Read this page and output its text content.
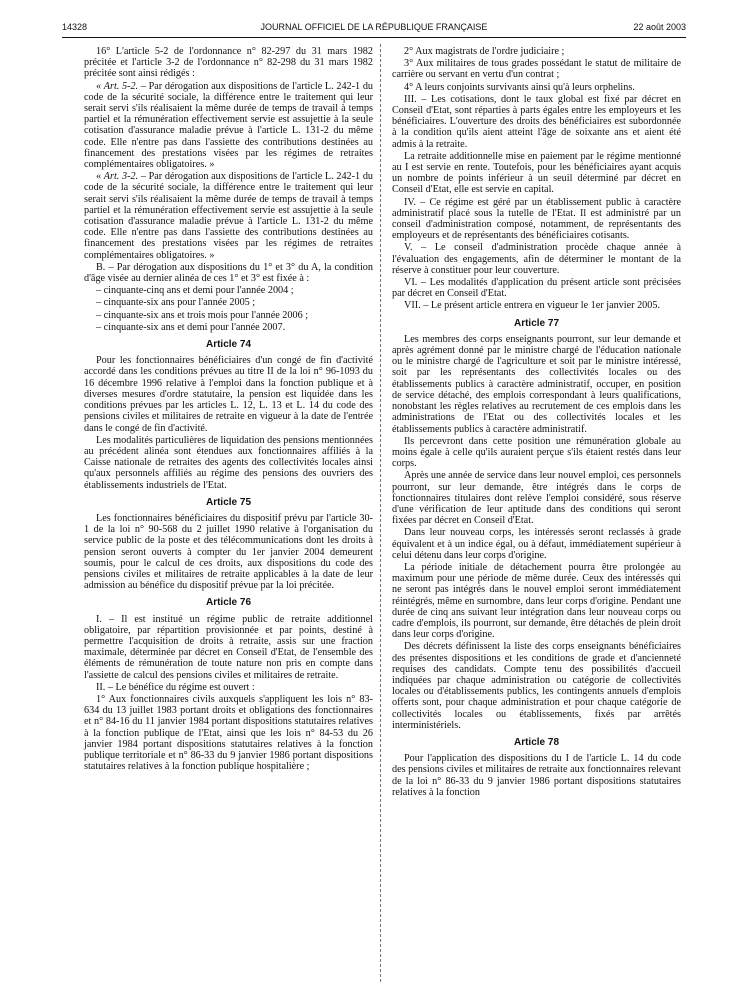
14328	JOURNAL OFFICIEL DE LA RÉPUBLIQUE FRANÇAISE	22 août 2003

16° L'article 5-2 de l'ordonnance n° 82-297 du 31 mars 1982 précitée et l'article 3-2 de l'ordonnance n° 82-298 du 31 mars 1982 précitée sont ainsi rédigés :

« Art. 5-2. – Par dérogation aux dispositions de l'article L. 242-1 du code de la sécurité sociale, la différence entre le traitement qui leur serait servi s'ils réalisaient la même durée de temps de travail à temps partiel et la rémunération effectivement servie est assujettie à la seule cotisation d'assurance maladie prévue à l'article L. 131-2 du même code. Elle n'entre pas dans l'assiette des contributions destinées au financement des prestations visées par les régimes de retraites complémentaires obligatoires. »

« Art. 3-2. – Par dérogation aux dispositions de l'article L. 242-1 du code de la sécurité sociale, la différence entre le traitement qui leur serait servi s'ils réalisaient la même durée de temps de travail à temps partiel et la rémunération effectivement servie est assujettie à la seule cotisation d'assurance maladie prévue à l'article L. 131-2 du même code. Elle n'entre pas dans l'assiette des contributions destinées au financement des prestations visées par les régimes de retraites complémentaires obligatoires. »

B. – Par dérogation aux dispositions du 1° et 3° du A, la condition d'âge visée au dernier alinéa de ces 1° et 3° est fixée à :

– cinquante-cinq ans et demi pour l'année 2004 ;

– cinquante-six ans pour l'année 2005 ;

– cinquante-six ans et trois mois pour l'année 2006 ;

– cinquante-six ans et demi pour l'année 2007.

Article 74

Pour les fonctionnaires bénéficiaires d'un congé de fin d'activité accordé dans les conditions prévues au titre II de la loi n° 96-1093 du 16 décembre 1996 relative à l'emploi dans la fonction publique et à diverses mesures d'ordre statutaire, la pension est liquidée dans les conditions prévues par les articles L. 12, L. 13 et L. 14 du code des pensions civiles et militaires de retraite en vigueur à la date de l'entrée dans le congé de fin d'activité.

Les modalités particulières de liquidation des pensions mentionnées au précédent alinéa sont étendues aux fonctionnaires affiliés à la Caisse nationale de retraites des agents des collectivités locales ainsi qu'aux personnels affiliés au régime des pensions des ouvriers des établissements industriels de l'Etat.

Article 75

Les fonctionnaires bénéficiaires du dispositif prévu par l'article 30-1 de la loi n° 90-568 du 2 juillet 1990 relative à l'organisation du service public de la poste et des télécommunications dont les droits à pension seront ouverts à compter du 1er janvier 2004 demeurent soumis, pour le calcul de ces droits, aux dispositions du code des pensions civiles et militaires de retraite applicables à la date de leur admission au bénéfice du dispositif prévue par la loi précitée.

Article 76

I. – Il est institué un régime public de retraite additionnel obligatoire, par répartition provisionnée et par points, destiné à permettre l'acquisition de droits à retraite, assis sur une fraction maximale, déterminée par décret en Conseil d'Etat, de l'ensemble des éléments de rémunération de toute nature non pris en compte dans l'assiette de calcul des pensions civiles et militaires de retraite.

II. – Le bénéfice du régime est ouvert :

1° Aux fonctionnaires civils auxquels s'appliquent les lois n° 83-634 du 13 juillet 1983 portant droits et obligations des fonctionnaires et n° 84-16 du 11 janvier 1984 portant dispositions statutaires relatives à la fonction publique de l'Etat, ainsi que les lois n° 84-53 du 26 janvier 1984 portant dispositions statutaires relatives à la fonction publique territoriale et n° 86-33 du 9 janvier 1986 portant dispositions statutaires relatives à la fonction publique hospitalière ;

2° Aux magistrats de l'ordre judiciaire ;

3° Aux militaires de tous grades possédant le statut de militaire de carrière ou servant en vertu d'un contrat ;

4° A leurs conjoints survivants ainsi qu'à leurs orphelins.

III. – Les cotisations, dont le taux global est fixé par décret en Conseil d'Etat, sont réparties à parts égales entre les employeurs et les bénéficiaires. L'ouverture des droits des bénéficiaires est subordonnée à la condition qu'ils aient atteint l'âge de soixante ans et aient été admis à la retraite.

La retraite additionnelle mise en paiement par le régime mentionné au I est servie en rente. Toutefois, pour les bénéficiaires ayant acquis un nombre de points inférieur à un seuil déterminé par décret en Conseil d'Etat, elle est servie en capital.

IV. – Ce régime est géré par un établissement public à caractère administratif placé sous la tutelle de l'Etat. Il est administré par un conseil d'administration composé, notamment, de représentants des employeurs et de représentants des bénéficiaires cotisants.

V. – Le conseil d'administration procède chaque année à l'évaluation des engagements, afin de déterminer le montant de la réserve à constituer pour leur couverture.

VI. – Les modalités d'application du présent article sont précisées par décret en Conseil d'Etat.

VII. – Le présent article entrera en vigueur le 1er janvier 2005.

Article 77

Les membres des corps enseignants pourront, sur leur demande et après agrément donné par le ministre chargé de l'éducation nationale ou le ministre chargé de l'agriculture et soit par le ministre intéressé, soit par les représentants des collectivités locales ou des établissements publics à caractère administratif, occuper, en position de service détaché, des emplois correspondant à leurs qualifications, nonobstant les règles relatives au recrutement de ces emplois dans les administrations de l'Etat ou des collectivités locales et les établissements publics à caractère administratif.

Ils percevront dans cette position une rémunération globale au moins égale à celle qu'ils auraient perçue s'ils étaient restés dans leur corps.

Après une année de service dans leur nouvel emploi, ces personnels pourront, sur leur demande, être intégrés dans le corps de fonctionnaires titulaires dont relève l'emploi considéré, sous réserve d'une vérification de leur aptitude dans des conditions qui seront fixées par décret en Conseil d'Etat.

Dans leur nouveau corps, les intéressés seront reclassés à grade équivalent et à un indice égal, ou à défaut, immédiatement supérieur à celui détenu dans leur corps d'origine.

La période initiale de détachement pourra être prolongée au maximum pour une période de même durée. Ceux des intéressés qui ne seront pas intégrés dans le nouvel emploi seront immédiatement réintégrés, même en surnombre, dans leur corps d'origine. Pendant une durée de cinq ans suivant leur intégration dans leur nouveau corps ou cadre d'emplois, ils pourront, sur demande, être détachés de plein droit dans leur corps d'origine.

Des décrets définissent la liste des corps enseignants bénéficiaires des présentes dispositions et les conditions de grade et d'ancienneté requises des candidats. Compte tenu des possibilités d'accueil indiquées par chaque administration ou catégorie de collectivités locales ou d'établissements publics, les contingents annuels d'emplois offerts sont, pour chaque administration et pour chaque catégorie de collectivités locales ou établissements, fixés par arrêtés interministériels.

Article 78

Pour l'application des dispositions du I de l'article L. 14 du code des pensions civiles et militaires de retraite aux fonctionnaires relevant de la loi n° 86-33 du 9 janvier 1986 portant dispositions statutaires relatives à la fonction
